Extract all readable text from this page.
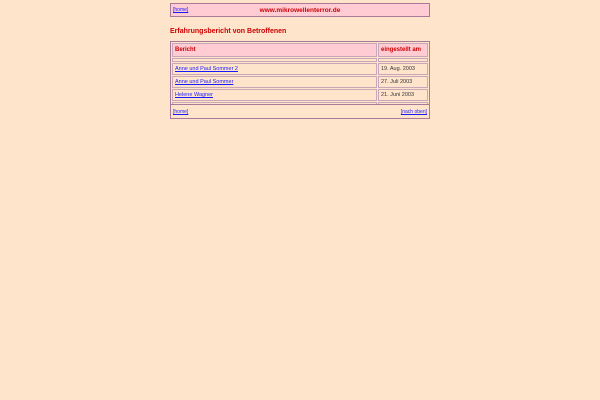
[home]	www.mikrowellenterror.de
Erfahrungsbericht von Betroffenen
Bericht	eingestellt am

Anne und Paul Sommer 2	19. Aug. 2003
Anne und Paul Sommer	27. Juli 2003
Helene Wagner	21. Juni 2003

[home]	[nach oben]
